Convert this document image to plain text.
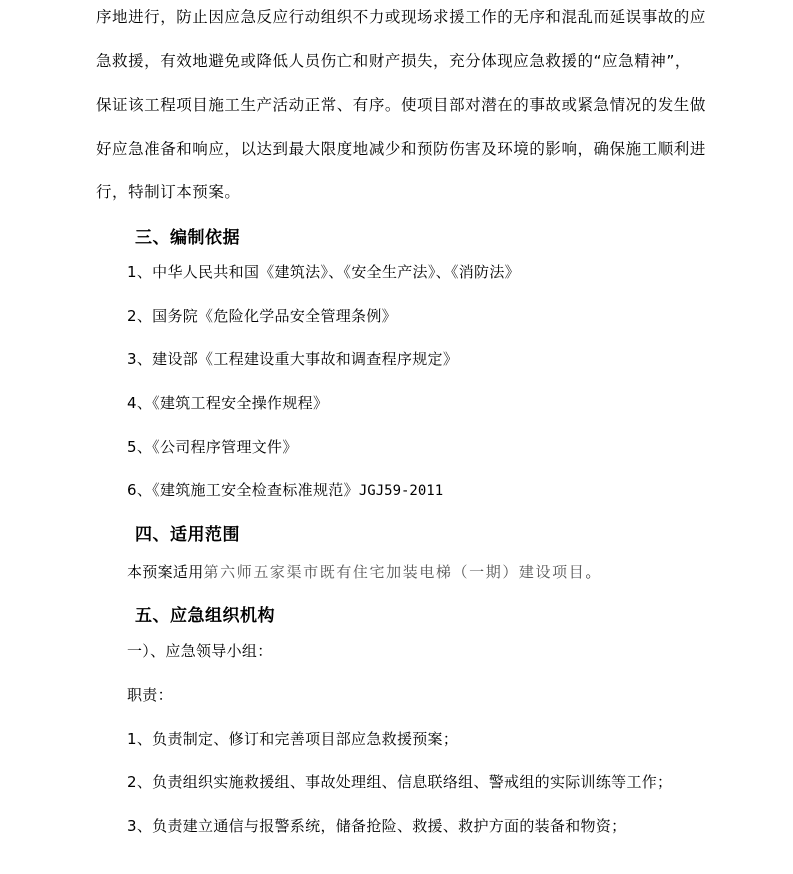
序地进行，防止因应急反应行动组织不力或现场求援工作的无序和混乱而延误事故的应
急救援，有效地避免或降低人员伤亡和财产损失，充分体现应急救援的“应急精神”，
保证该工程项目施工生产活动正常、有序。使项目部对潜在的事故或紧急情况的发生做
好应急准备和响应，以达到最大限度地减少和预防伤害及环境的影响，确保施工顺利进
行，特制订本预案。
三、编制依据
1、中华人民共和国《建筑法》、《安全生产法》、《消防法》
2、国务院《危险化学品安全管理条例》
3、建设部《工程建设重大事故和调查程序规定》
4、《建筑工程安全操作规程》
5、《公司程序管理文件》
6、《建筑施工安全检查标准规范》JGJ59-2011
四、适用范围
本预案适用第六师五家渠市既有住宅加装电梯（一期）建设项目。
五、应急组织机构
一）、应急领导小组：
职责：
1、负责制定、修订和完善项目部应急救援预案；
2、负责组织实施救援组、事故处理组、信息联络组、警戒组的实际训练等工作；
3、负责建立通信与报警系统，储备抢险、救援、救护方面的装备和物资；
